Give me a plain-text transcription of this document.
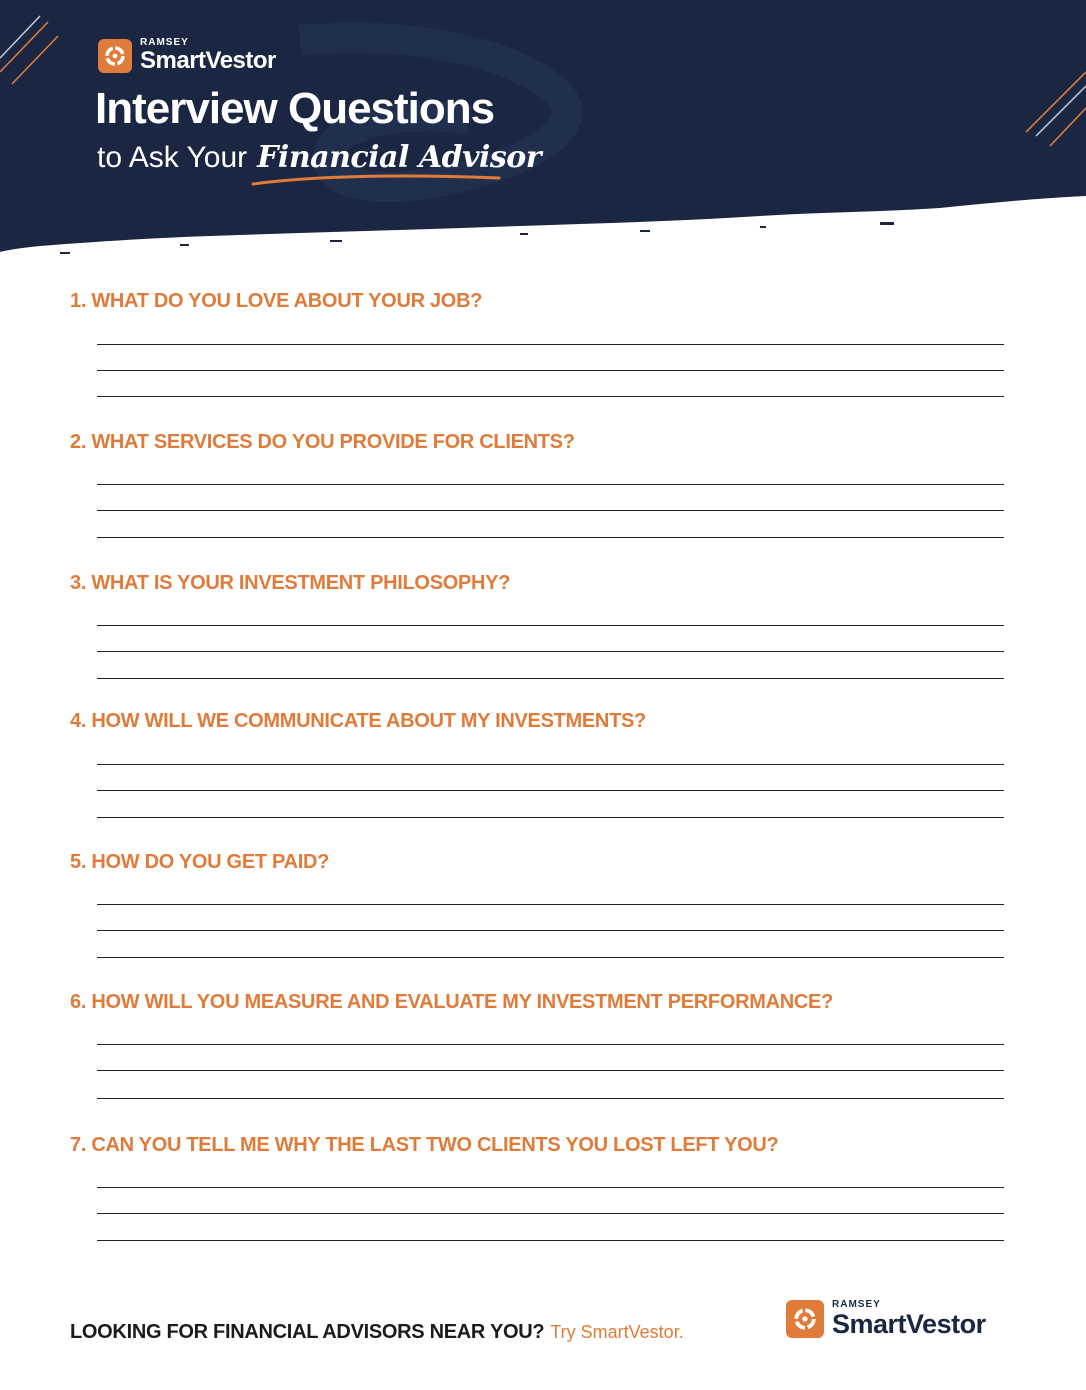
RAMSEY
SmartVestor
Interview Questions
to Ask Your Financial Advisor
1. WHAT DO YOU LOVE ABOUT YOUR JOB?
2. WHAT SERVICES DO YOU PROVIDE FOR CLIENTS?
3. WHAT IS YOUR INVESTMENT PHILOSOPHY?
4. HOW WILL WE COMMUNICATE ABOUT MY INVESTMENTS?
5. HOW DO YOU GET PAID?
6. HOW WILL YOU MEASURE AND EVALUATE MY INVESTMENT PERFORMANCE?
7. CAN YOU TELL ME WHY THE LAST TWO CLIENTS YOU LOST LEFT YOU?
LOOKING FOR FINANCIAL ADVISORS NEAR YOU? Try SmartVestor.
RAMSEY
SmartVestor
